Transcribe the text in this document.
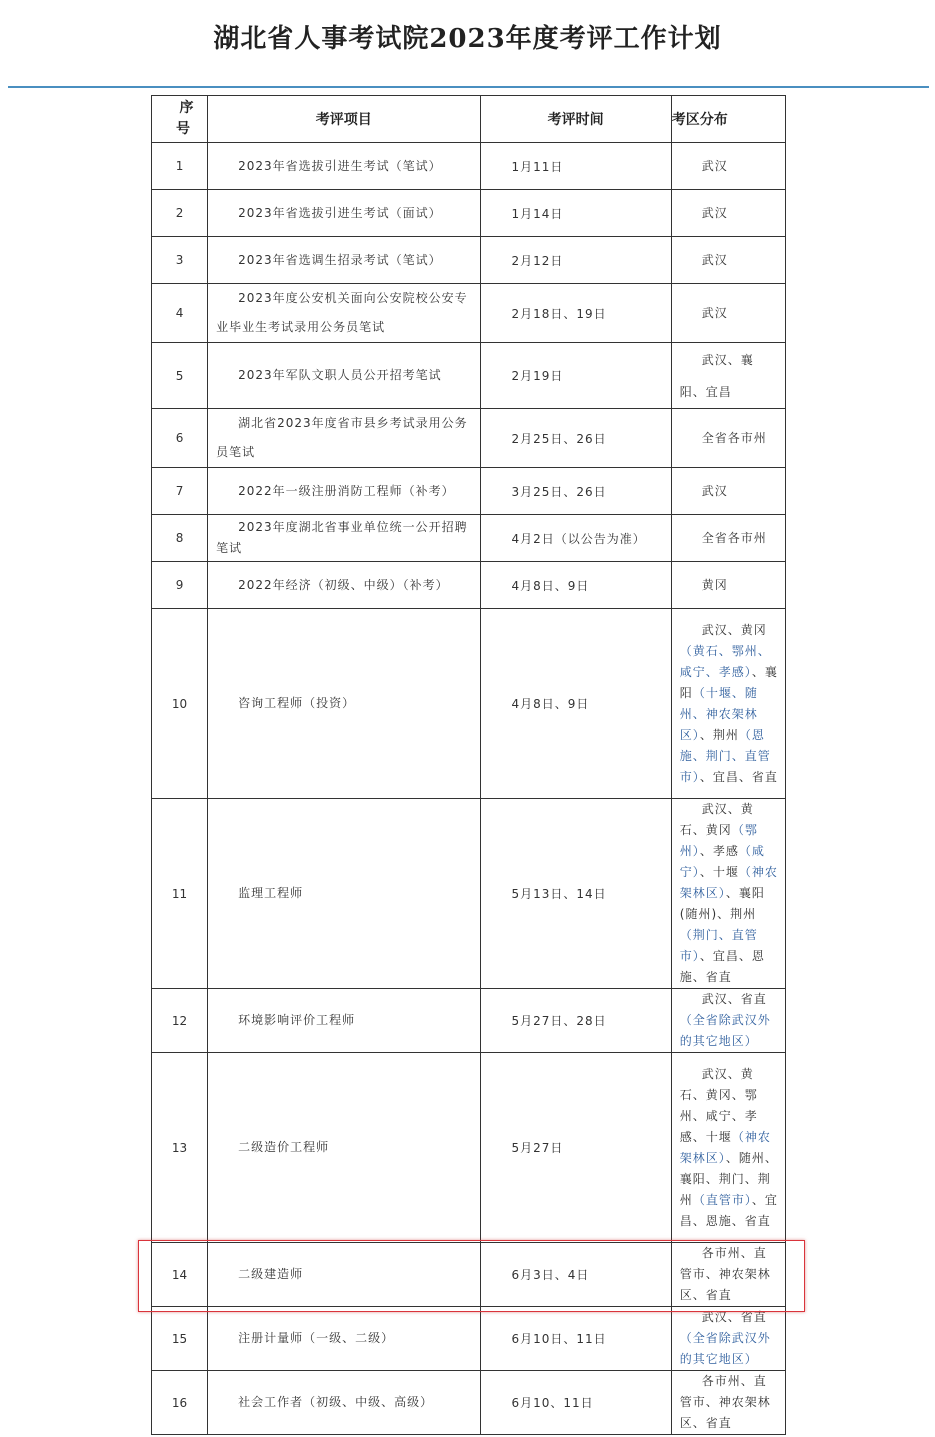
湖北省人事考试院2023年度考评工作计划
序
号	考评项目	考评时间	考区分布
1	2023年省选拔引进生考试（笔试）	1月11日	武汉

2	2023年省选拔引进生考试（面试）	1月14日	武汉

3	2023年省选调生招录考试（笔试）	2月12日	武汉

4	2023年度公安机关面向公安院校公安专业毕业生考试录用公务员笔试	2月18日、19日	武汉

5	2023年军队文职人员公开招考笔试	2月19日	武汉、襄阳、宜昌

6	湖北省2023年度省市县乡考试录用公务员笔试	2月25日、26日	全省各市州

7	2022年一级注册消防工程师（补考）	3月25日、26日	武汉

8	2023年度湖北省事业单位统一公开招聘笔试	4月2日（以公告为准）	全省各市州

9	2022年经济（初级、中级）（补考）	4月8日、9日	黄冈

10	咨询工程师（投资）	4月8日、9日	武汉、黄冈（黄石、鄂州、咸宁、孝感）、襄阳（十堰、随州、神农架林区）、荆州（恩施、荆门、直管市）、宜昌、省直

11	监理工程师	5月13日、14日	武汉、黄石、黄冈（鄂州）、孝感（咸宁）、十堰（神农架林区）、襄阳(随州)、荆州（荆门、直管市）、宜昌、恩施、省直

12	环境影响评价工程师	5月27日、28日	武汉、省直（全省除武汉外的其它地区）

13	二级造价工程师	5月27日	武汉、黄石、黄冈、鄂州、咸宁、孝感、十堰（神农架林区）、随州、襄阳、荆门、荆州（直管市）、宜昌、恩施、省直

14	二级建造师	6月3日、4日	各市州、直管市、神农架林区、省直

15	注册计量师（一级、二级）	6月10日、11日	武汉、省直（全省除武汉外的其它地区）

16	社会工作者（初级、中级、高级）	6月10、11日	各市州、直管市、神农架林区、省直
